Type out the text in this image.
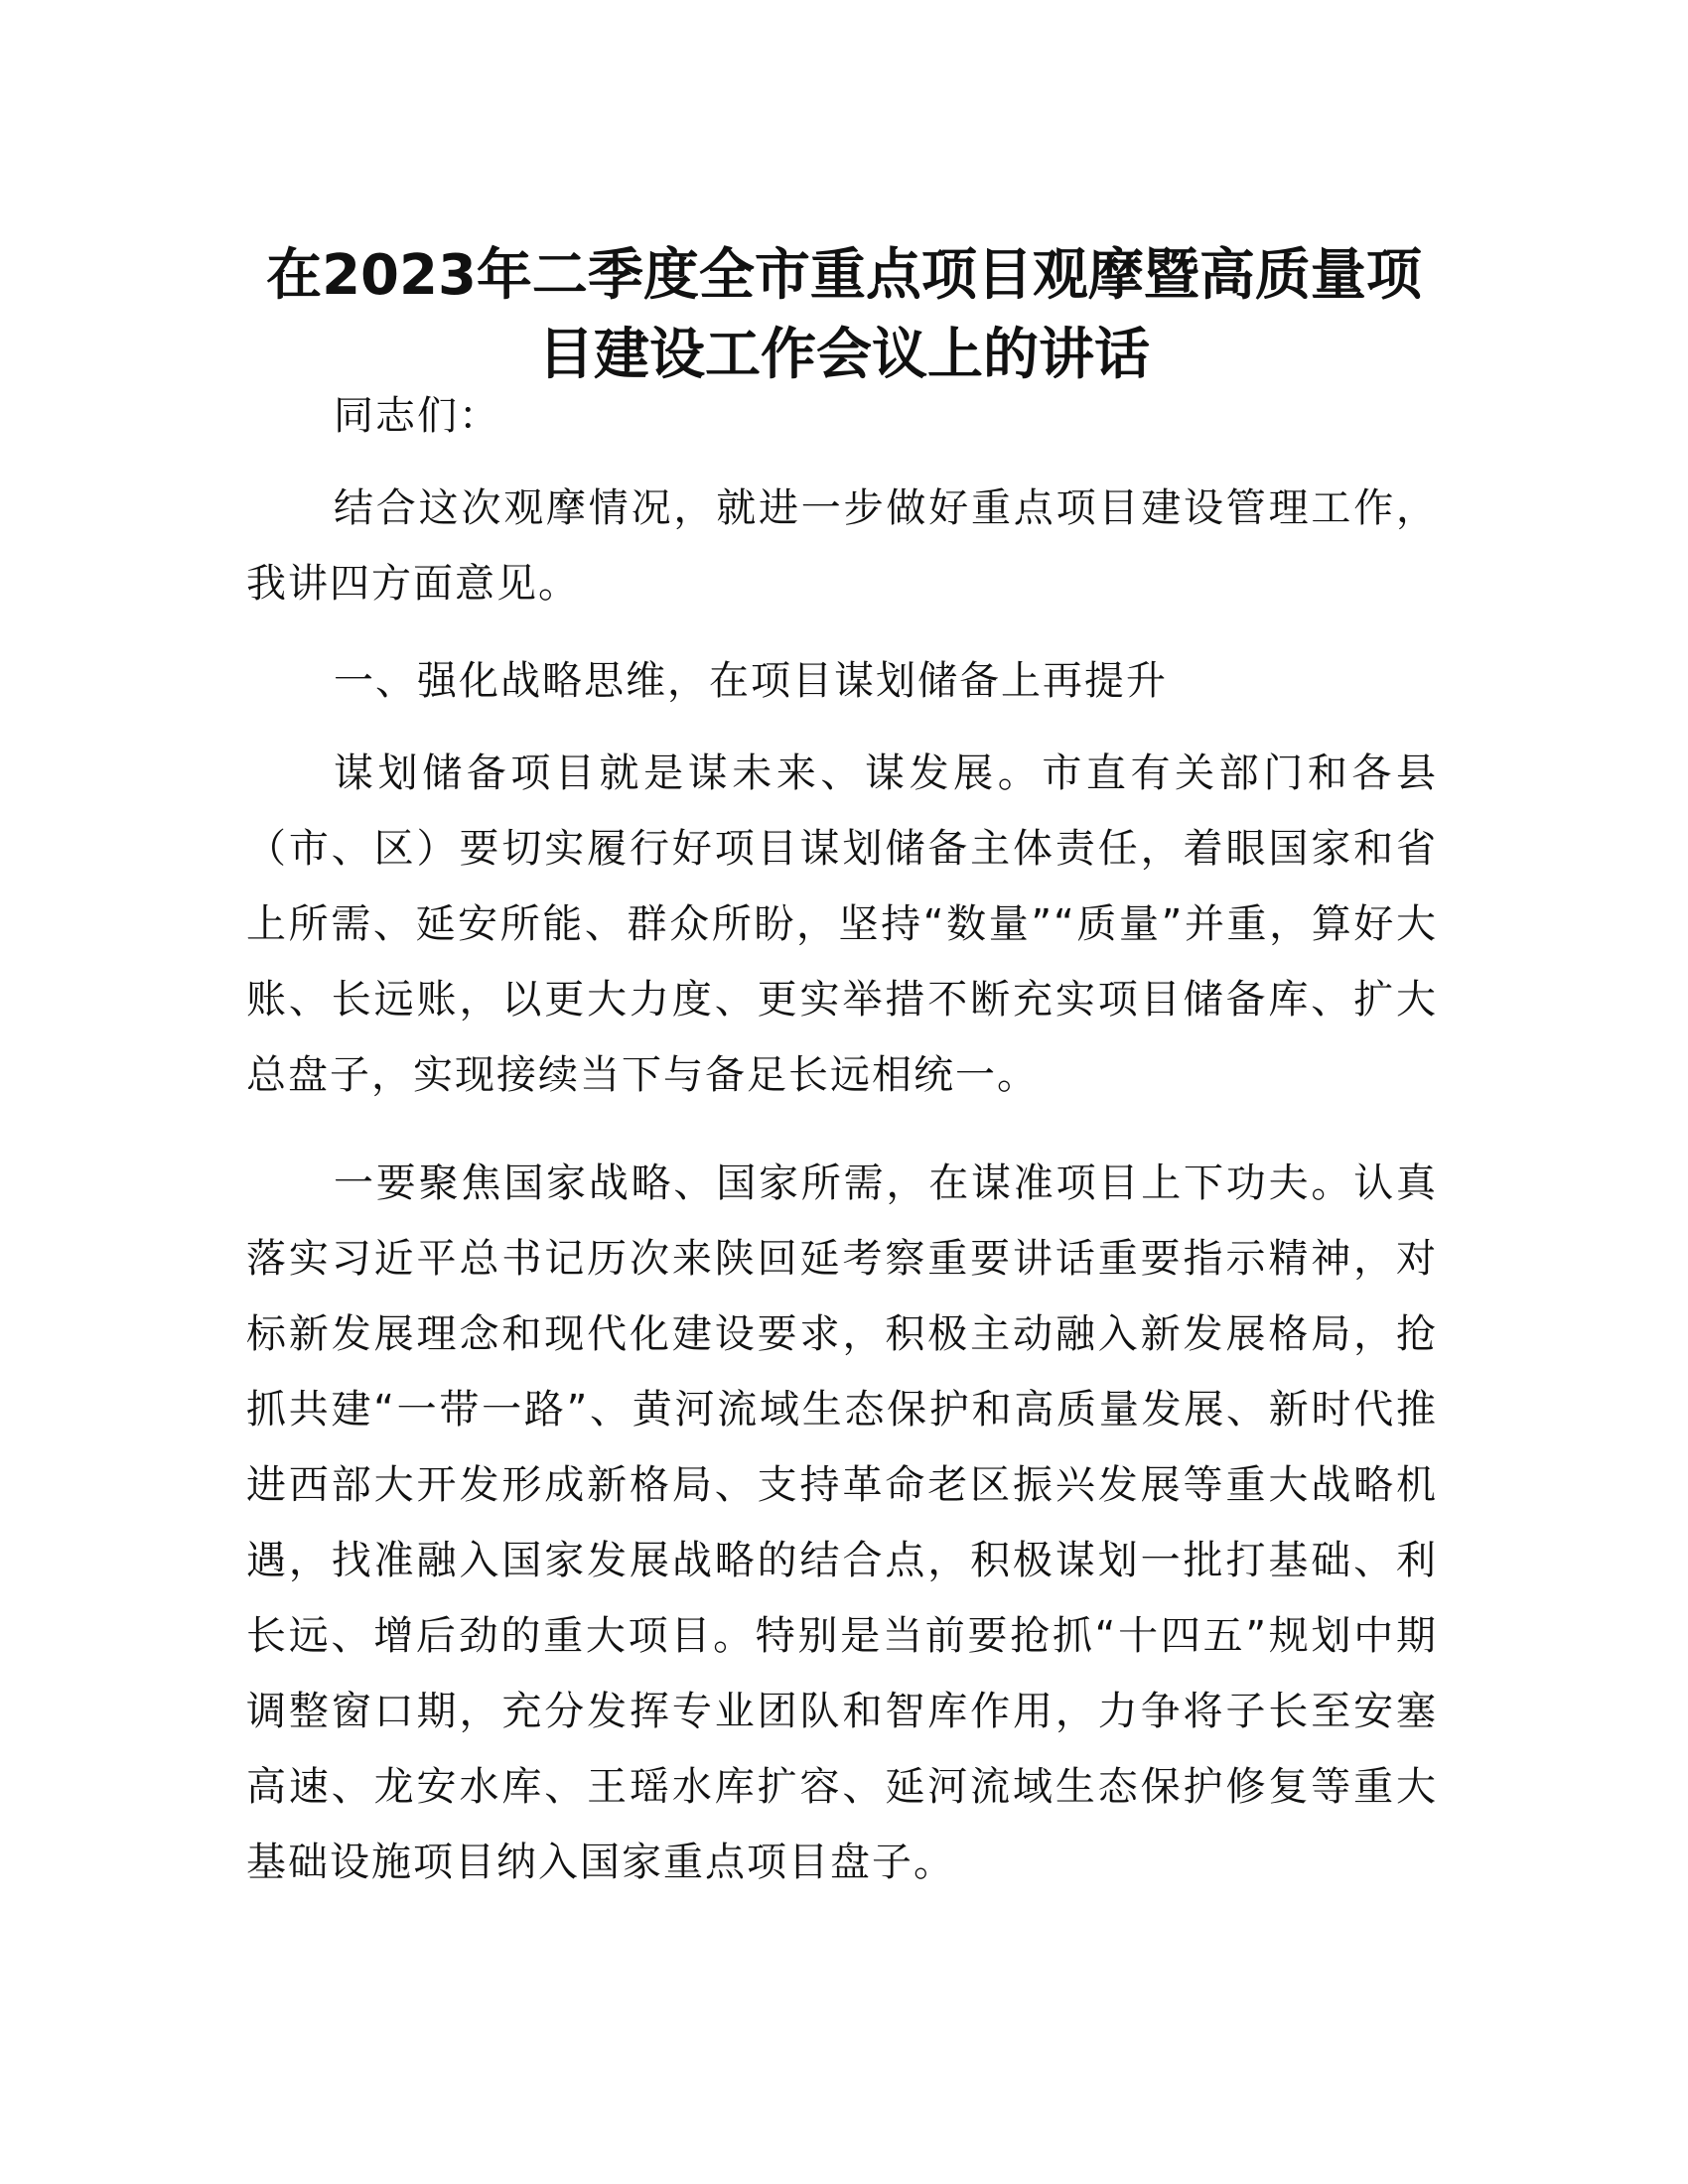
在2023年二季度全市重点项目观摩暨高质量项
目建设工作会议上的讲话

同志们：

结合这次观摩情况，就进一步做好重点项目建设管理工作，我讲四方面意见。

一、强化战略思维，在项目谋划储备上再提升

谋划储备项目就是谋未来、谋发展。市直有关部门和各县（市、区）要切实履行好项目谋划储备主体责任，着眼国家和省上所需、延安所能、群众所盼，坚持“数量”“质量”并重，算好大账、长远账，以更大力度、更实举措不断充实项目储备库、扩大总盘子，实现接续当下与备足长远相统一。

一要聚焦国家战略、国家所需，在谋准项目上下功夫。认真落实习近平总书记历次来陕回延考察重要讲话重要指示精神，对标新发展理念和现代化建设要求，积极主动融入新发展格局，抢抓共建“一带一路”、黄河流域生态保护和高质量发展、新时代推进西部大开发形成新格局、支持革命老区振兴发展等重大战略机遇，找准融入国家发展战略的结合点，积极谋划一批打基础、利长远、增后劲的重大项目。特别是当前要抢抓“十四五”规划中期调整窗口期，充分发挥专业团队和智库作用，力争将子长至安塞高速、龙安水库、王瑶水库扩容、延河流域生态保护修复等重大基础设施项目纳入国家重点项目盘子。
